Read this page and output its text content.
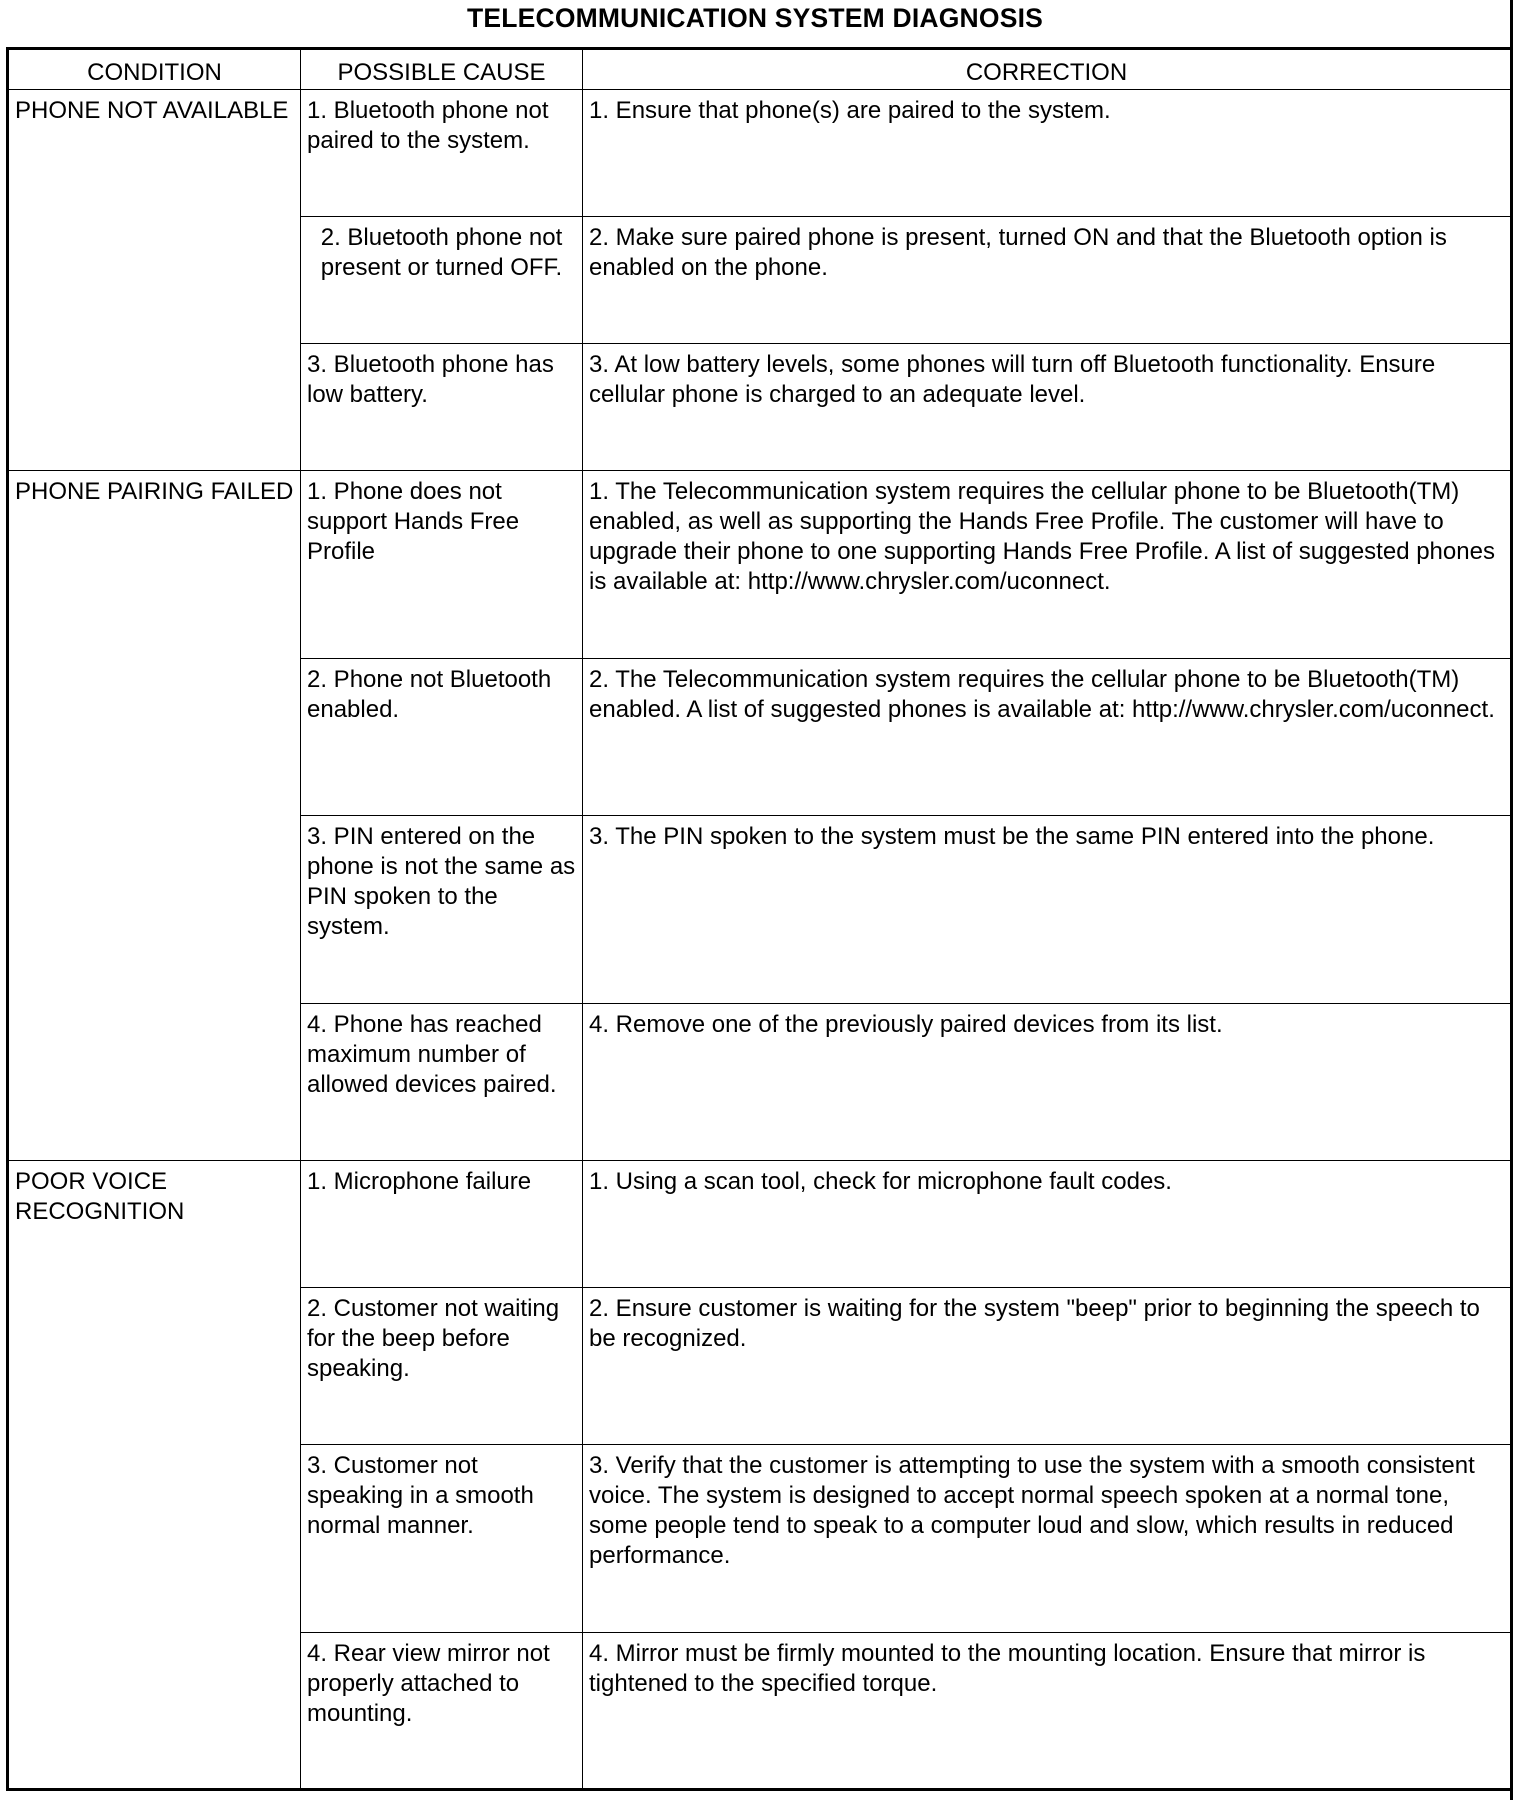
TELECOMMUNICATION SYSTEM DIAGNOSIS
CONDITION	POSSIBLE CAUSE	CORRECTION
PHONE NOT AVAILABLE	1. Bluetooth phone not paired to the system.	1. Ensure that phone(s) are paired to the system.
	2. Bluetooth phone not present or turned OFF.	2. Make sure paired phone is present, turned ON and that the Bluetooth option is enabled on the phone.
	3. Bluetooth phone has low battery.	3. At low battery levels, some phones will turn off Bluetooth functionality. Ensure cellular phone is charged to an adequate level.
PHONE PAIRING FAILED	1. Phone does not support Hands Free Profile	1. The Telecommunication system requires the cellular phone to be Bluetooth(TM) enabled, as well as supporting the Hands Free Profile. The customer will have to upgrade their phone to one supporting Hands Free Profile. A list of suggested phones is available at: http://www.chrysler.com/uconnect.
	2. Phone not Bluetooth enabled.	2. The Telecommunication system requires the cellular phone to be Bluetooth(TM) enabled. A list of suggested phones is available at: http://www.chrysler.com/uconnect.
	3. PIN entered on the phone is not the same as PIN spoken to the system.	3. The PIN spoken to the system must be the same PIN entered into the phone.
	4. Phone has reached maximum number of allowed devices paired.	4. Remove one of the previously paired devices from its list.
POOR VOICE RECOGNITION	1. Microphone failure	1. Using a scan tool, check for microphone fault codes.
	2. Customer not waiting for the beep before speaking.	2. Ensure customer is waiting for the system "beep" prior to beginning the speech to be recognized.
	3. Customer not speaking in a smooth normal manner.	3. Verify that the customer is attempting to use the system with a smooth consistent voice. The system is designed to accept normal speech spoken at a normal tone, some people tend to speak to a computer loud and slow, which results in reduced performance.
	4. Rear view mirror not properly attached to mounting.	4. Mirror must be firmly mounted to the mounting location. Ensure that mirror is tightened to the specified torque.
